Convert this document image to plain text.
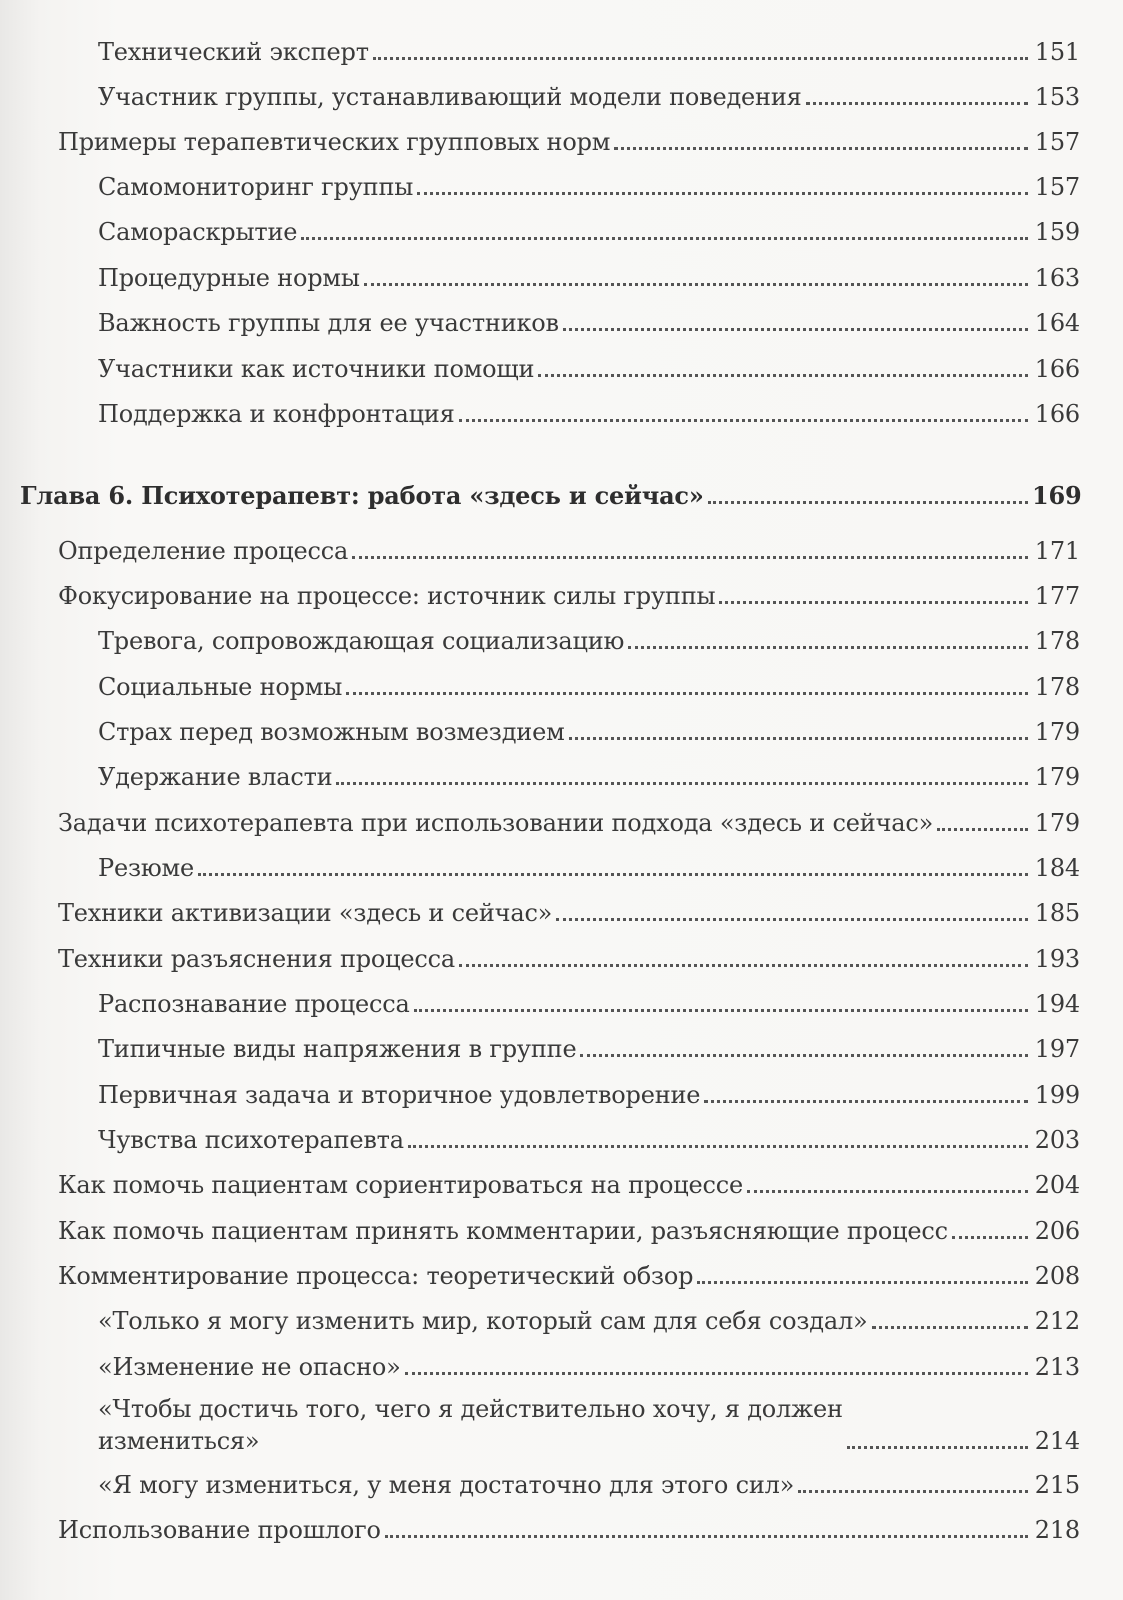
Технический эксперт	151
Участник группы, устанавливающий модели поведения	153
Примеры терапевтических групповых норм	157
Самомониторинг группы	157
Самораскрытие	159
Процедурные нормы	163
Важность группы для ее участников	164
Участники как источники помощи	166
Поддержка и конфронтация	166
Глава 6. Психотерапевт: работа «здесь и сейчас»	169
Определение процесса	171
Фокусирование на процессе: источник силы группы	177
Тревога, сопровождающая социализацию	178
Социальные нормы	178
Страх перед возможным возмездием	179
Удержание власти	179
Задачи психотерапевта при использовании подхода «здесь и сейчас»	179
Резюме	184
Техники активизации «здесь и сейчас»	185
Техники разъяснения процесса	193
Распознавание процесса	194
Типичные виды напряжения в группе	197
Первичная задача и вторичное удовлетворение	199
Чувства психотерапевта	203
Как помочь пациентам сориентироваться на процессе	204
Как помочь пациентам принять комментарии, разъясняющие процесс	206
Комментирование процесса: теоретический обзор	208
«Только я могу изменить мир, который сам для себя создал»	212
«Изменение не опасно»	213
«Чтобы достичь того, чего я действительно хочу, я должен
измениться»	214
«Я могу измениться, у меня достаточно для этого сил»	215
Использование прошлого	218
